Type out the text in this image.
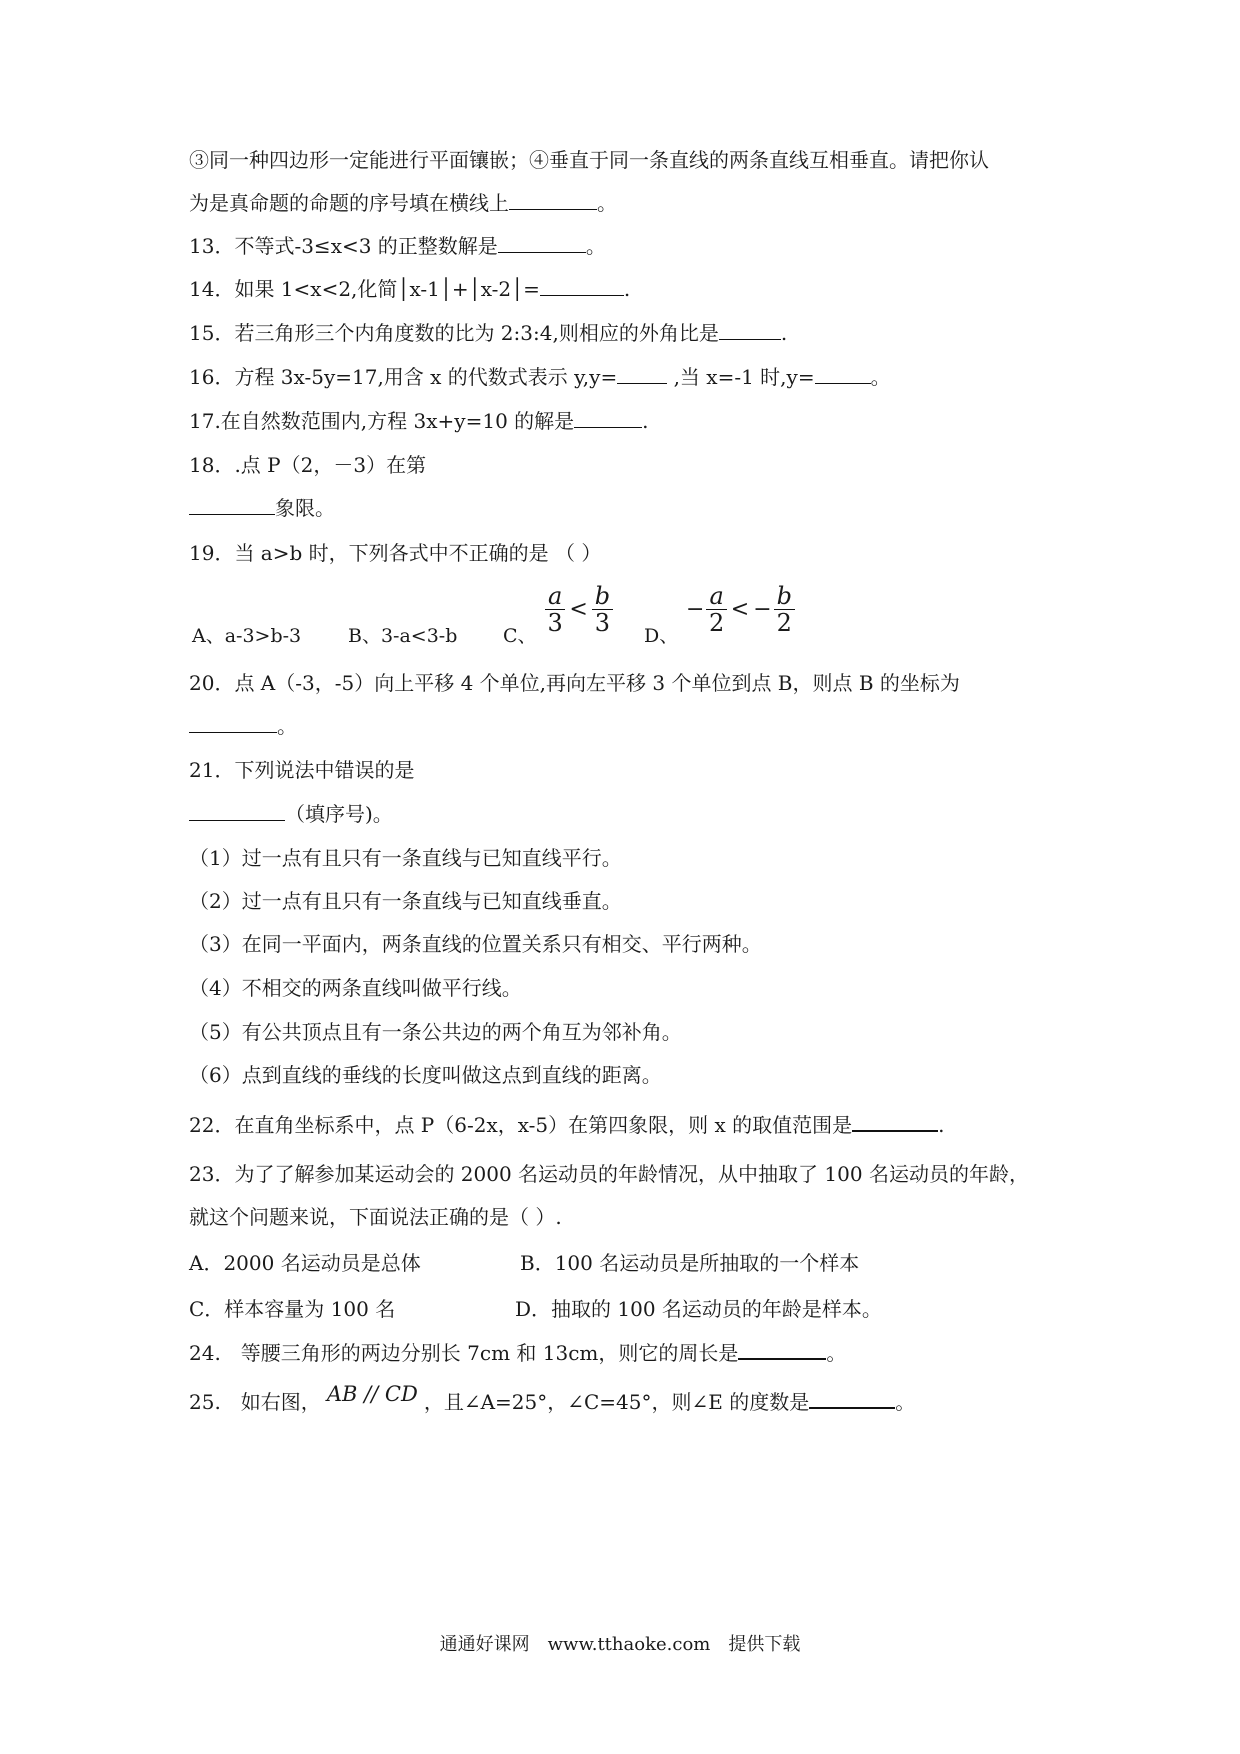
③同一种四边形一定能进行平面镶嵌；④垂直于同一条直线的两条直线互相垂直。请把你认
为是真命题的命题的序号填在横线上	。
13．不等式-3≤x<3 的正整数解是	。
14．如果 1<x<2,化简│x-1│+│x-2│=	.
15．若三角形三个内角度数的比为 2:3:4,则相应的外角比是	.
16．方程 3x-5y=17,用含 x 的代数式表示 y,y=	,当 x=-1 时,y=	。
17.在自然数范围内,方程 3x+y=10 的解是	.
18．.点 P（2，－3）在第
象限。
19．当 a>b 时，下列各式中不正确的是 （ ）
A、a-3>b-3 B、3-a<3-b C、 $\frac{a}{3} < \frac{b}{3}$ D、
− $\frac{a}{2}$ < − $\frac{b}{2}$
20．点 A（-3，-5）向上平移 4 个单位,再向左平移 3 个单位到点 B，则点 B 的坐标为
。
21．下列说法中错误的是
（填序号)。
（1）过一点有且只有一条直线与已知直线平行。
（2）过一点有且只有一条直线与已知直线垂直。
（3）在同一平面内，两条直线的位置关系只有相交、平行两种。
（4）不相交的两条直线叫做平行线。
（5）有公共顶点且有一条公共边的两个角互为邻补角。
（6）点到直线的垂线的长度叫做这点到直线的距离。
22．在直角坐标系中，点 P（6-2x，x-5）在第四象限，则 x 的取值范围是	.
23．为了了解参加某运动会的 2000 名运动员的年龄情况，从中抽取了 100 名运动员的年龄，
就这个问题来说，下面说法正确的是（ ）.
A．2000 名运动员是总体	B．100 名运动员是所抽取的一个样本
C．样本容量为 100 名	D．抽取的 100 名运动员的年龄是样本。
24.　等腰三角形的两边分别长 7cm 和 13cm，则它的周长是	。
25.　如右图， AB // CD ，且∠A=25°，∠C=45°，则∠E 的度数是	。
通通好课网　www.tthaoke.com　提供下载
